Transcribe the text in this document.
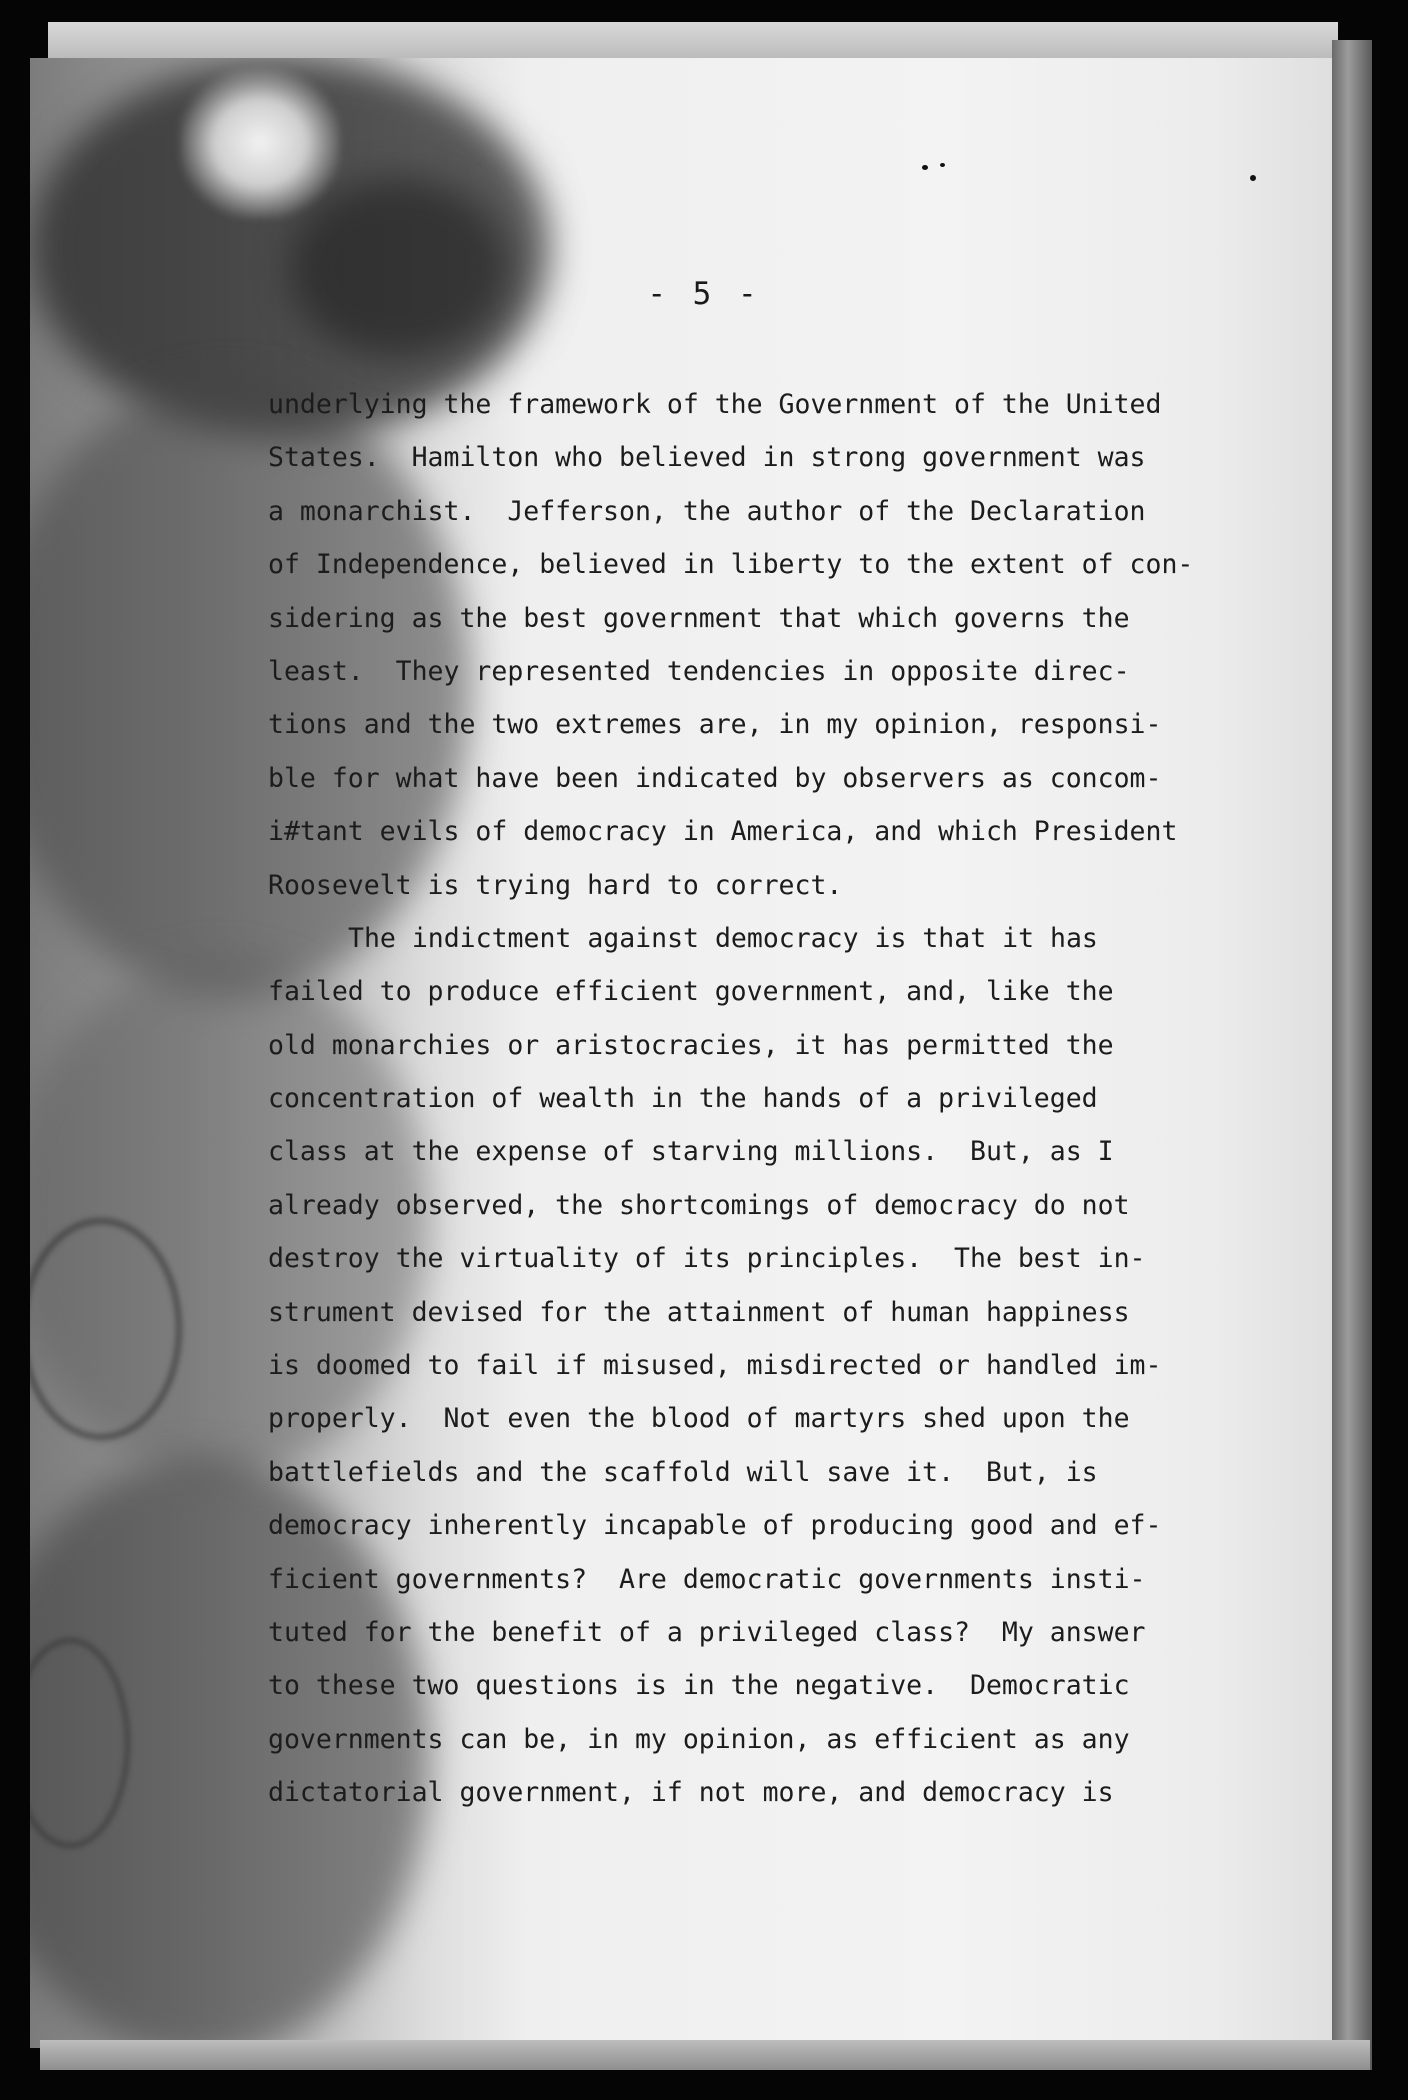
- 5 -
underlying the framework of the Government of the United
States.  Hamilton who believed in strong government was
a monarchist.  Jefferson, the author of the Declaration
of Independence, believed in liberty to the extent of con-
sidering as the best government that which governs the
least.  They represented tendencies in opposite direc-
tions and the two extremes are, in my opinion, responsi-
ble for what have been indicated by observers as concom-
i#tant evils of democracy in America, and which President
Roosevelt is trying hard to correct.
The indictment against democracy is that it has
failed to produce efficient government, and, like the
old monarchies or aristocracies, it has permitted the
concentration of wealth in the hands of a privileged
class at the expense of starving millions.  But, as I
already observed, the shortcomings of democracy do not
destroy the virtuality of its principles.  The best in-
strument devised for the attainment of human happiness
is doomed to fail if misused, misdirected or handled im-
properly.  Not even the blood of martyrs shed upon the
battlefields and the scaffold will save it.  But, is
democracy inherently incapable of producing good and ef-
ficient governments?  Are democratic governments insti-
tuted for the benefit of a privileged class?  My answer
to these two questions is in the negative.  Democratic
governments can be, in my opinion, as efficient as any
dictatorial government, if not more, and democracy is
